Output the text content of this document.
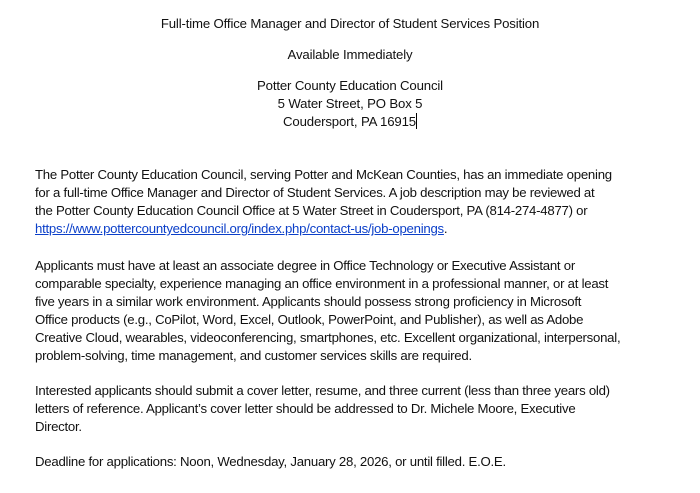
Full-time Office Manager and Director of Student Services Position
Available Immediately
Potter County Education Council
5 Water Street, PO Box 5
Coudersport, PA 16915
The Potter County Education Council, serving Potter and McKean Counties, has an immediate opening
for a full-time Office Manager and Director of Student Services. A job description may be reviewed at
the Potter County Education Council Office at 5 Water Street in Coudersport, PA (814-274-4877) or
https://www.pottercountyedcouncil.org/index.php/contact-us/job-openings.
Applicants must have at least an associate degree in Office Technology or Executive Assistant or
comparable specialty, experience managing an office environment in a professional manner, or at least
five years in a similar work environment. Applicants should possess strong proficiency in Microsoft
Office products (e.g., CoPilot, Word, Excel, Outlook, PowerPoint, and Publisher), as well as Adobe
Creative Cloud, wearables, videoconferencing, smartphones, etc. Excellent organizational, interpersonal,
problem-solving, time management, and customer services skills are required.
Interested applicants should submit a cover letter, resume, and three current (less than three years old)
letters of reference. Applicant’s cover letter should be addressed to Dr. Michele Moore, Executive
Director.
Deadline for applications: Noon, Wednesday, January 28, 2026, or until filled. E.O.E.
